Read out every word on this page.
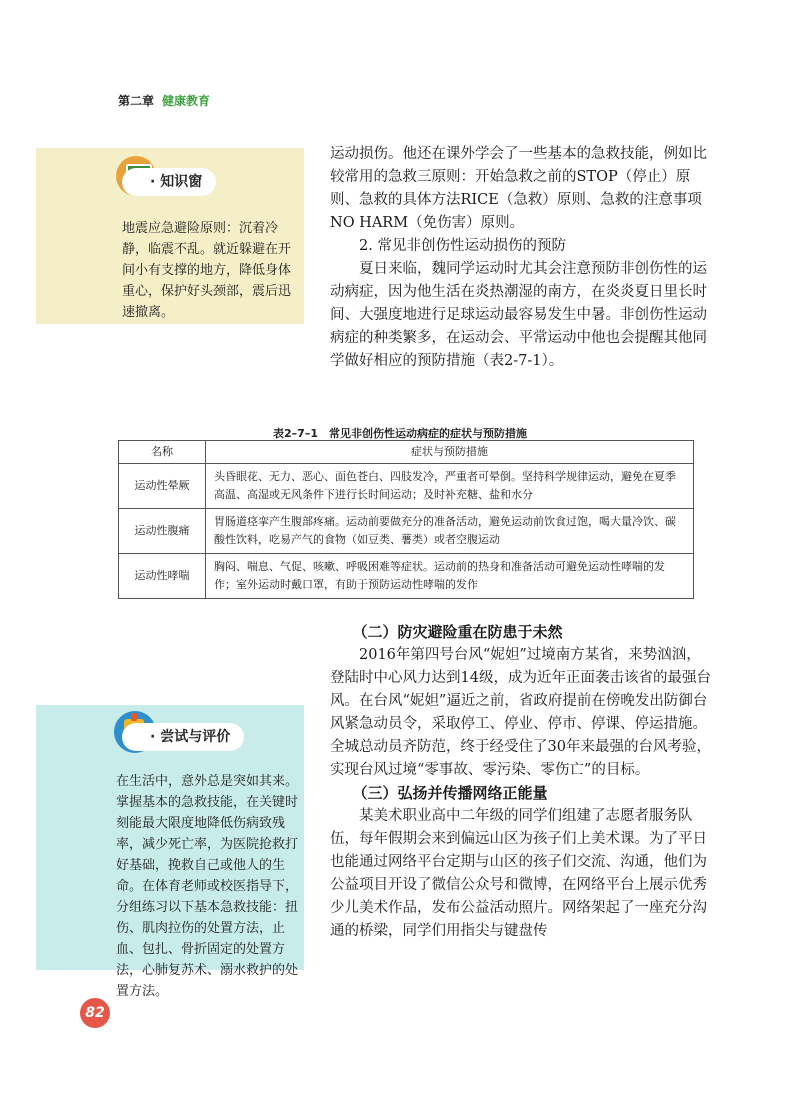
第二章 健康教育
☺
· 知识窗
地震应急避险原则：沉着冷静，临震不乱。就近躲避在开间小有支撑的地方，降低身体重心，保护好头颈部，震后迅速撤离。

运动损伤。他还在课外学会了一些基本的急救技能，例如比较常用的急救三原则：开始急救之前的STOP（停止）原则、急救的具体方法RICE（急救）原则、急救的注意事项NO HARM（免伤害）原则。

2. 常见非创伤性运动损伤的预防

夏日来临，魏同学运动时尤其会注意预防非创伤性的运动病症，因为他生活在炎热潮湿的南方，在炎炎夏日里长时间、大强度地进行足球运动最容易发生中暑。非创伤性运动病症的种类繁多，在运动会、平常运动中他也会提醒其他同学做好相应的预防措施（表2-7-1）。

表2–7–1　常见非创伤性运动病症的症状与预防措施
名称	症状与预防措施
运动性晕厥	头昏眼花、无力、恶心、面色苍白、四肢发冷，严重者可晕倒。坚持科学规律运动，避免在夏季高温、高湿或无风条件下进行长时间运动；及时补充糖、盐和水分
运动性腹痛	胃肠道痉挛产生腹部疼痛。运动前要做充分的准备活动，避免运动前饮食过饱，喝大量冷饮、碳酸性饮料，吃易产气的食物（如豆类、薯类）或者空腹运动
运动性哮喘	胸闷、喘息、气促、咳嗽、呼吸困难等症状。运动前的热身和准备活动可避免运动性哮喘的发作；室外运动时戴口罩，有助于预防运动性哮喘的发作
· 尝试与评价
在生活中，意外总是突如其来。掌握基本的急救技能，在关键时刻能最大限度地降低伤病致残率，减少死亡率，为医院抢救打好基础，挽救自己或他人的生命。在体育老师或校医指导下，分组练习以下基本急救技能：扭伤、肌肉拉伤的处置方法，止血、包扎、骨折固定的处置方法，心肺复苏术、溺水救护的处置方法。

（二）防灾避险重在防患于未然

2016年第四号台风“妮妲”过境南方某省，来势汹汹，登陆时中心风力达到14级，成为近年正面袭击该省的最强台风。在台风“妮妲”逼近之前，省政府提前在傍晚发出防御台风紧急动员令，采取停工、停业、停市、停课、停运措施。全城总动员齐防范，终于经受住了30年来最强的台风考验，实现台风过境“零事故、零污染、零伤亡”的目标。

（三）弘扬并传播网络正能量

某美术职业高中二年级的同学们组建了志愿者服务队伍，每年假期会来到偏远山区为孩子们上美术课。为了平日也能通过网络平台定期与山区的孩子们交流、沟通，他们为公益项目开设了微信公众号和微博，在网络平台上展示优秀少儿美术作品，发布公益活动照片。网络架起了一座充分沟通的桥梁，同学们用指尖与键盘传

82
